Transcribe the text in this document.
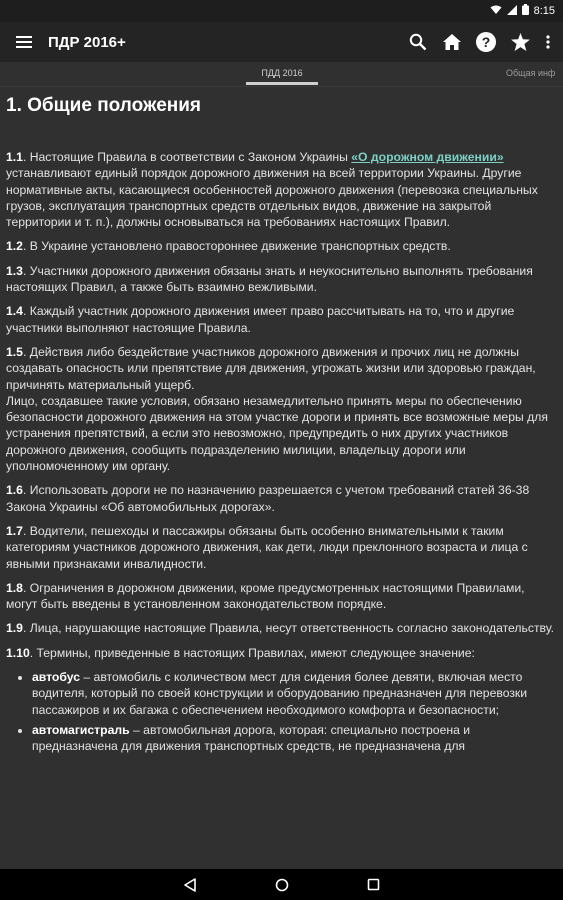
8:15
ПДР 2016+	?
ПДД 2016	Общая инф
1. Общие положения

1.1. Настоящие Правила в соответствии с Законом Украины «О дорожном движении» устанавливают единый порядок дорожного движения на всей территории Украины. Другие нормативные акты, касающиеся особенностей дорожного движения (перевозка специальных грузов, эксплуатация транспортных средств отдельных видов, движение на закрытой территории и т. п.), должны основываться на требованиях настоящих Правил.

1.2. В Украине установлено правостороннее движение транспортных средств.

1.3. Участники дорожного движения обязаны знать и неукоснительно выполнять требования настоящих Правил, а также быть взаимно вежливыми.

1.4. Каждый участник дорожного движения имеет право рассчитывать на то, что и другие участники выполняют настоящие Правила.

1.5. Действия либо бездействие участников дорожного движения и прочих лиц не должны создавать опасность или препятствие для движения, угрожать жизни или здоровью граждан, причинять материальный ущерб.
Лицо, создавшее такие условия, обязано незамедлительно принять меры по обеспечению безопасности дорожного движения на этом участке дороги и принять все возможные меры для устранения препятствий, а если это невозможно, предупредить о них других участников дорожного движения, сообщить подразделению милиции, владельцу дороги или уполномоченному им органу.

1.6. Использовать дороги не по назначению разрешается с учетом требований статей 36-38 Закона Украины «Об автомобильных дорогах».

1.7. Водители, пешеходы и пассажиры обязаны быть особенно внимательными к таким категориям участников дорожного движения, как дети, люди преклонного возраста и лица с явными признаками инвалидности.

1.8. Ограничения в дорожном движении, кроме предусмотренных настоящими Правилами, могут быть введены в установленном законодательством порядке.

1.9. Лица, нарушающие настоящие Правила, несут ответственность согласно законодательству.

1.10. Термины, приведенные в настоящих Правилах, имеют следующее значение:

• автобус – автомобиль с количеством мест для сидения более девяти, включая место водителя, который по своей конструкции и оборудованию предназначен для перевозки пассажиров и их багажа с обеспечением необходимого комфорта и безопасности;
• автомагистраль – автомобильная дорога, которая: специально построена и предназначена для движения транспортных средств, не предназначена для
